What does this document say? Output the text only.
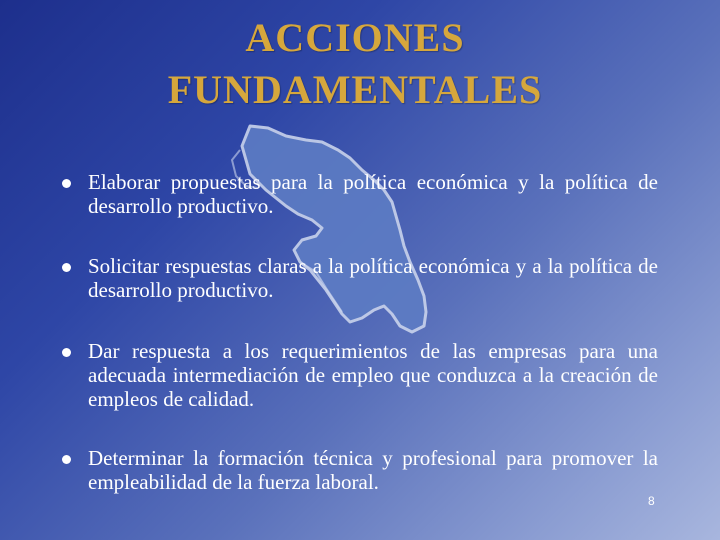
ACCIONES
FUNDAMENTALES
Elaborar propuestas para la política económica y la política de desarrollo productivo.
Solicitar respuestas claras a la política económica y a la política de desarrollo productivo.
Dar respuesta a los requerimientos de las empresas para una adecuada intermediación de empleo que conduzca a la creación de empleos de calidad.
Determinar la formación técnica y profesional para promover la empleabilidad de la fuerza laboral.
8
